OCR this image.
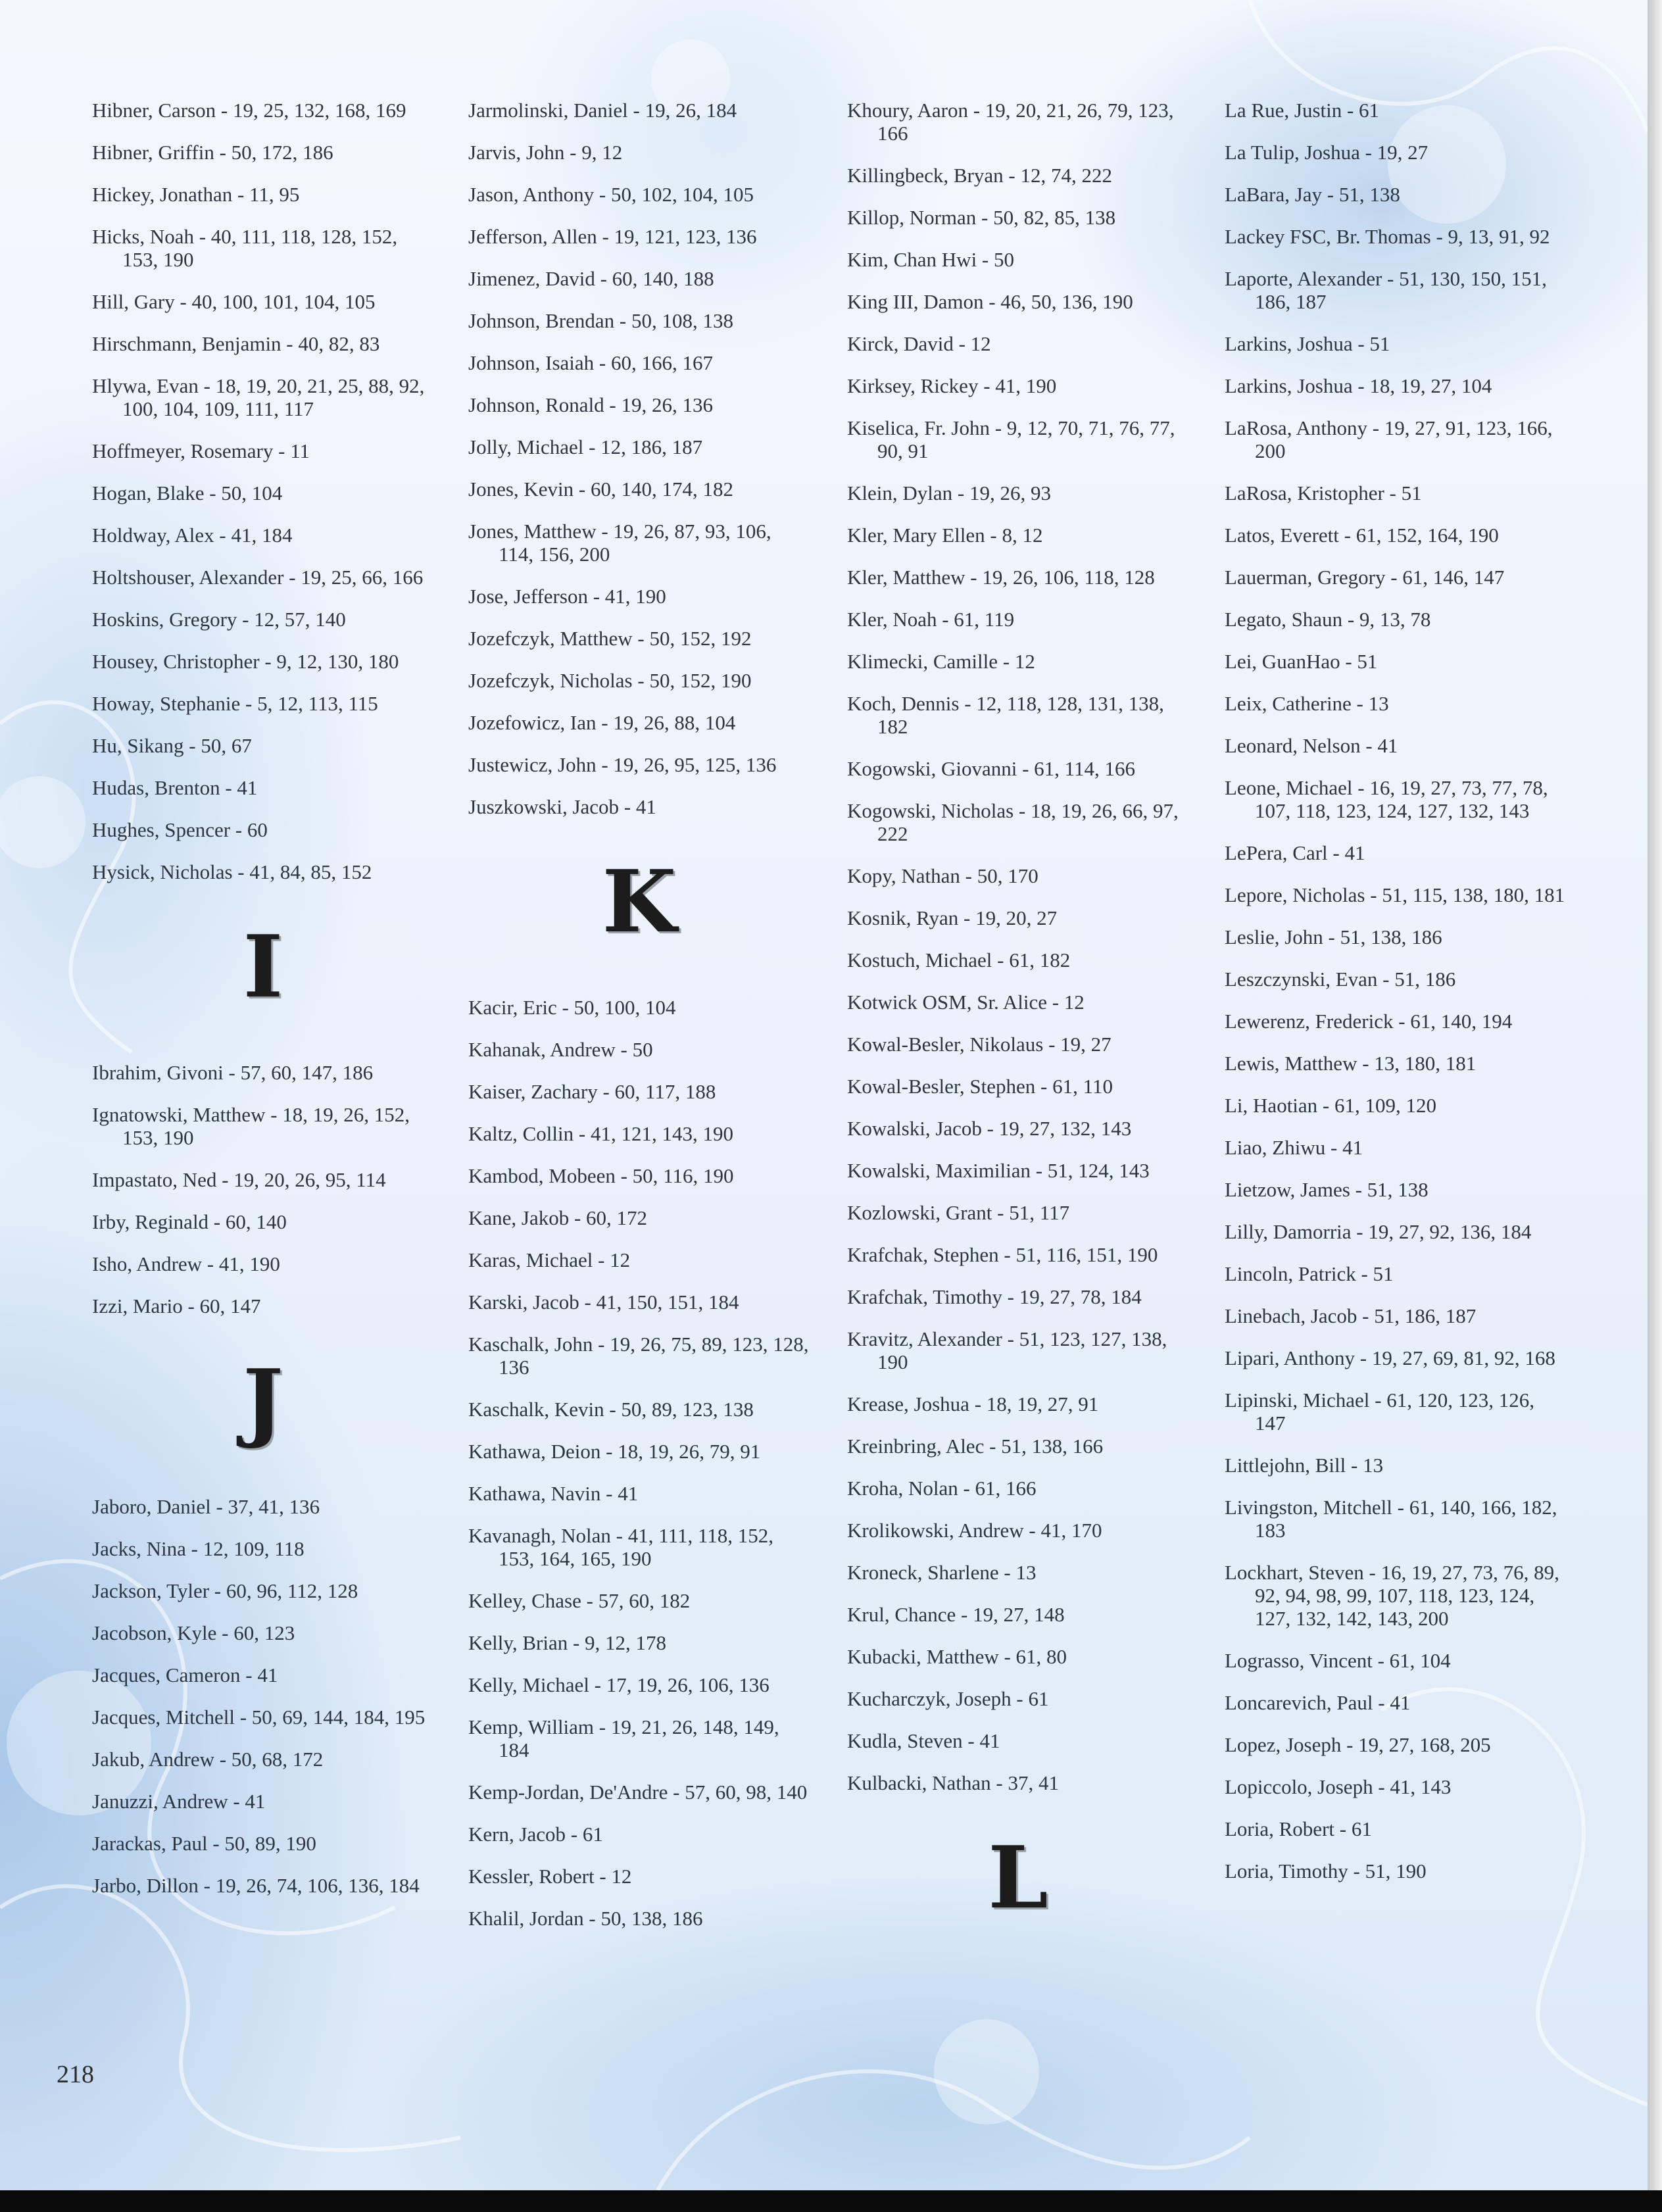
Hibner, Carson - 19, 25, 132, 168, 169
Hibner, Griffin - 50, 172, 186
Hickey, Jonathan - 11, 95
Hicks, Noah - 40, 111, 118, 128, 152, 153, 190
Hill, Gary - 40, 100, 101, 104, 105
Hirschmann, Benjamin - 40, 82, 83
Hlywa, Evan - 18, 19, 20, 21, 25, 88, 92, 100, 104, 109, 111, 117
Hoffmeyer, Rosemary - 11
Hogan, Blake - 50, 104
Holdway, Alex - 41, 184
Holtshouser, Alexander - 19, 25, 66, 166
Hoskins, Gregory - 12, 57, 140
Housey, Christopher - 9, 12, 130, 180
Howay, Stephanie - 5, 12, 113, 115
Hu, Sikang - 50, 67
Hudas, Brenton - 41
Hughes, Spencer - 60
Hysick, Nicholas - 41, 84, 85, 152
I
Ibrahim, Givoni - 57, 60, 147, 186
Ignatowski, Matthew - 18, 19, 26, 152, 153, 190
Impastato, Ned - 19, 20, 26, 95, 114
Irby, Reginald - 60, 140
Isho, Andrew - 41, 190
Izzi, Mario - 60, 147
J
Jaboro, Daniel - 37, 41, 136
Jacks, Nina - 12, 109, 118
Jackson, Tyler - 60, 96, 112, 128
Jacobson, Kyle - 60, 123
Jacques, Cameron - 41
Jacques, Mitchell - 50, 69, 144, 184, 195
Jakub, Andrew - 50, 68, 172
Januzzi, Andrew - 41
Jarackas, Paul - 50, 89, 190
Jarbo, Dillon - 19, 26, 74, 106, 136, 184
Jarmolinski, Daniel - 19, 26, 184
Jarvis, John - 9, 12
Jason, Anthony - 50, 102, 104, 105
Jefferson, Allen - 19, 121, 123, 136
Jimenez, David - 60, 140, 188
Johnson, Brendan - 50, 108, 138
Johnson, Isaiah - 60, 166, 167
Johnson, Ronald - 19, 26, 136
Jolly, Michael - 12, 186, 187
Jones, Kevin - 60, 140, 174, 182
Jones, Matthew - 19, 26, 87, 93, 106, 114, 156, 200
Jose, Jefferson - 41, 190
Jozefczyk, Matthew - 50, 152, 192
Jozefczyk, Nicholas - 50, 152, 190
Jozefowicz, Ian - 19, 26, 88, 104
Justewicz, John - 19, 26, 95, 125, 136
Juszkowski, Jacob - 41
K
Kacir, Eric - 50, 100, 104
Kahanak, Andrew - 50
Kaiser, Zachary - 60, 117, 188
Kaltz, Collin - 41, 121, 143, 190
Kambod, Mobeen - 50, 116, 190
Kane, Jakob - 60, 172
Karas, Michael - 12
Karski, Jacob - 41, 150, 151, 184
Kaschalk, John - 19, 26, 75, 89, 123, 128, 136
Kaschalk, Kevin - 50, 89, 123, 138
Kathawa, Deion - 18, 19, 26, 79, 91
Kathawa, Navin - 41
Kavanagh, Nolan - 41, 111, 118, 152, 153, 164, 165, 190
Kelley, Chase - 57, 60, 182
Kelly, Brian - 9, 12, 178
Kelly, Michael - 17, 19, 26, 106, 136
Kemp, William - 19, 21, 26, 148, 149, 184
Kemp-Jordan, De'Andre - 57, 60, 98, 140
Kern, Jacob - 61
Kessler, Robert - 12
Khalil, Jordan - 50, 138, 186
Khoury, Aaron - 19, 20, 21, 26, 79, 123, 166
Killingbeck, Bryan - 12, 74, 222
Killop, Norman - 50, 82, 85, 138
Kim, Chan Hwi - 50
King III, Damon - 46, 50, 136, 190
Kirck, David - 12
Kirksey, Rickey - 41, 190
Kiselica, Fr. John - 9, 12, 70, 71, 76, 77, 90, 91
Klein, Dylan - 19, 26, 93
Kler, Mary Ellen - 8, 12
Kler, Matthew - 19, 26, 106, 118, 128
Kler, Noah - 61, 119
Klimecki, Camille - 12
Koch, Dennis - 12, 118, 128, 131, 138, 182
Kogowski, Giovanni - 61, 114, 166
Kogowski, Nicholas - 18, 19, 26, 66, 97, 222
Kopy, Nathan - 50, 170
Kosnik, Ryan - 19, 20, 27
Kostuch, Michael - 61, 182
Kotwick OSM, Sr. Alice - 12
Kowal-Besler, Nikolaus - 19, 27
Kowal-Besler, Stephen - 61, 110
Kowalski, Jacob - 19, 27, 132, 143
Kowalski, Maximilian - 51, 124, 143
Kozlowski, Grant - 51, 117
Krafchak, Stephen - 51, 116, 151, 190
Krafchak, Timothy - 19, 27, 78, 184
Kravitz, Alexander - 51, 123, 127, 138, 190
Krease, Joshua - 18, 19, 27, 91
Kreinbring, Alec - 51, 138, 166
Kroha, Nolan - 61, 166
Krolikowski, Andrew - 41, 170
Kroneck, Sharlene - 13
Krul, Chance - 19, 27, 148
Kubacki, Matthew - 61, 80
Kucharczyk, Joseph - 61
Kudla, Steven - 41
Kulbacki, Nathan - 37, 41
L
La Rue, Justin - 61
La Tulip, Joshua - 19, 27
LaBara, Jay - 51, 138
Lackey FSC, Br. Thomas - 9, 13, 91, 92
Laporte, Alexander - 51, 130, 150, 151, 186, 187
Larkins, Joshua - 51
Larkins, Joshua - 18, 19, 27, 104
LaRosa, Anthony - 19, 27, 91, 123, 166, 200
LaRosa, Kristopher - 51
Latos, Everett - 61, 152, 164, 190
Lauerman, Gregory - 61, 146, 147
Legato, Shaun - 9, 13, 78
Lei, GuanHao - 51
Leix, Catherine - 13
Leonard, Nelson - 41
Leone, Michael - 16, 19, 27, 73, 77, 78, 107, 118, 123, 124, 127, 132, 143
LePera, Carl - 41
Lepore, Nicholas - 51, 115, 138, 180, 181
Leslie, John - 51, 138, 186
Leszczynski, Evan - 51, 186
Lewerenz, Frederick - 61, 140, 194
Lewis, Matthew - 13, 180, 181
Li, Haotian - 61, 109, 120
Liao, Zhiwu - 41
Lietzow, James - 51, 138
Lilly, Damorria - 19, 27, 92, 136, 184
Lincoln, Patrick - 51
Linebach, Jacob - 51, 186, 187
Lipari, Anthony - 19, 27, 69, 81, 92, 168
Lipinski, Michael - 61, 120, 123, 126, 147
Littlejohn, Bill - 13
Livingston, Mitchell - 61, 140, 166, 182, 183
Lockhart, Steven - 16, 19, 27, 73, 76, 89, 92, 94, 98, 99, 107, 118, 123, 124, 127, 132, 142, 143, 200
Lograsso, Vincent - 61, 104
Loncarevich, Paul - 41
Lopez, Joseph - 19, 27, 168, 205
Lopiccolo, Joseph - 41, 143
Loria, Robert - 61
Loria, Timothy - 51, 190
218
